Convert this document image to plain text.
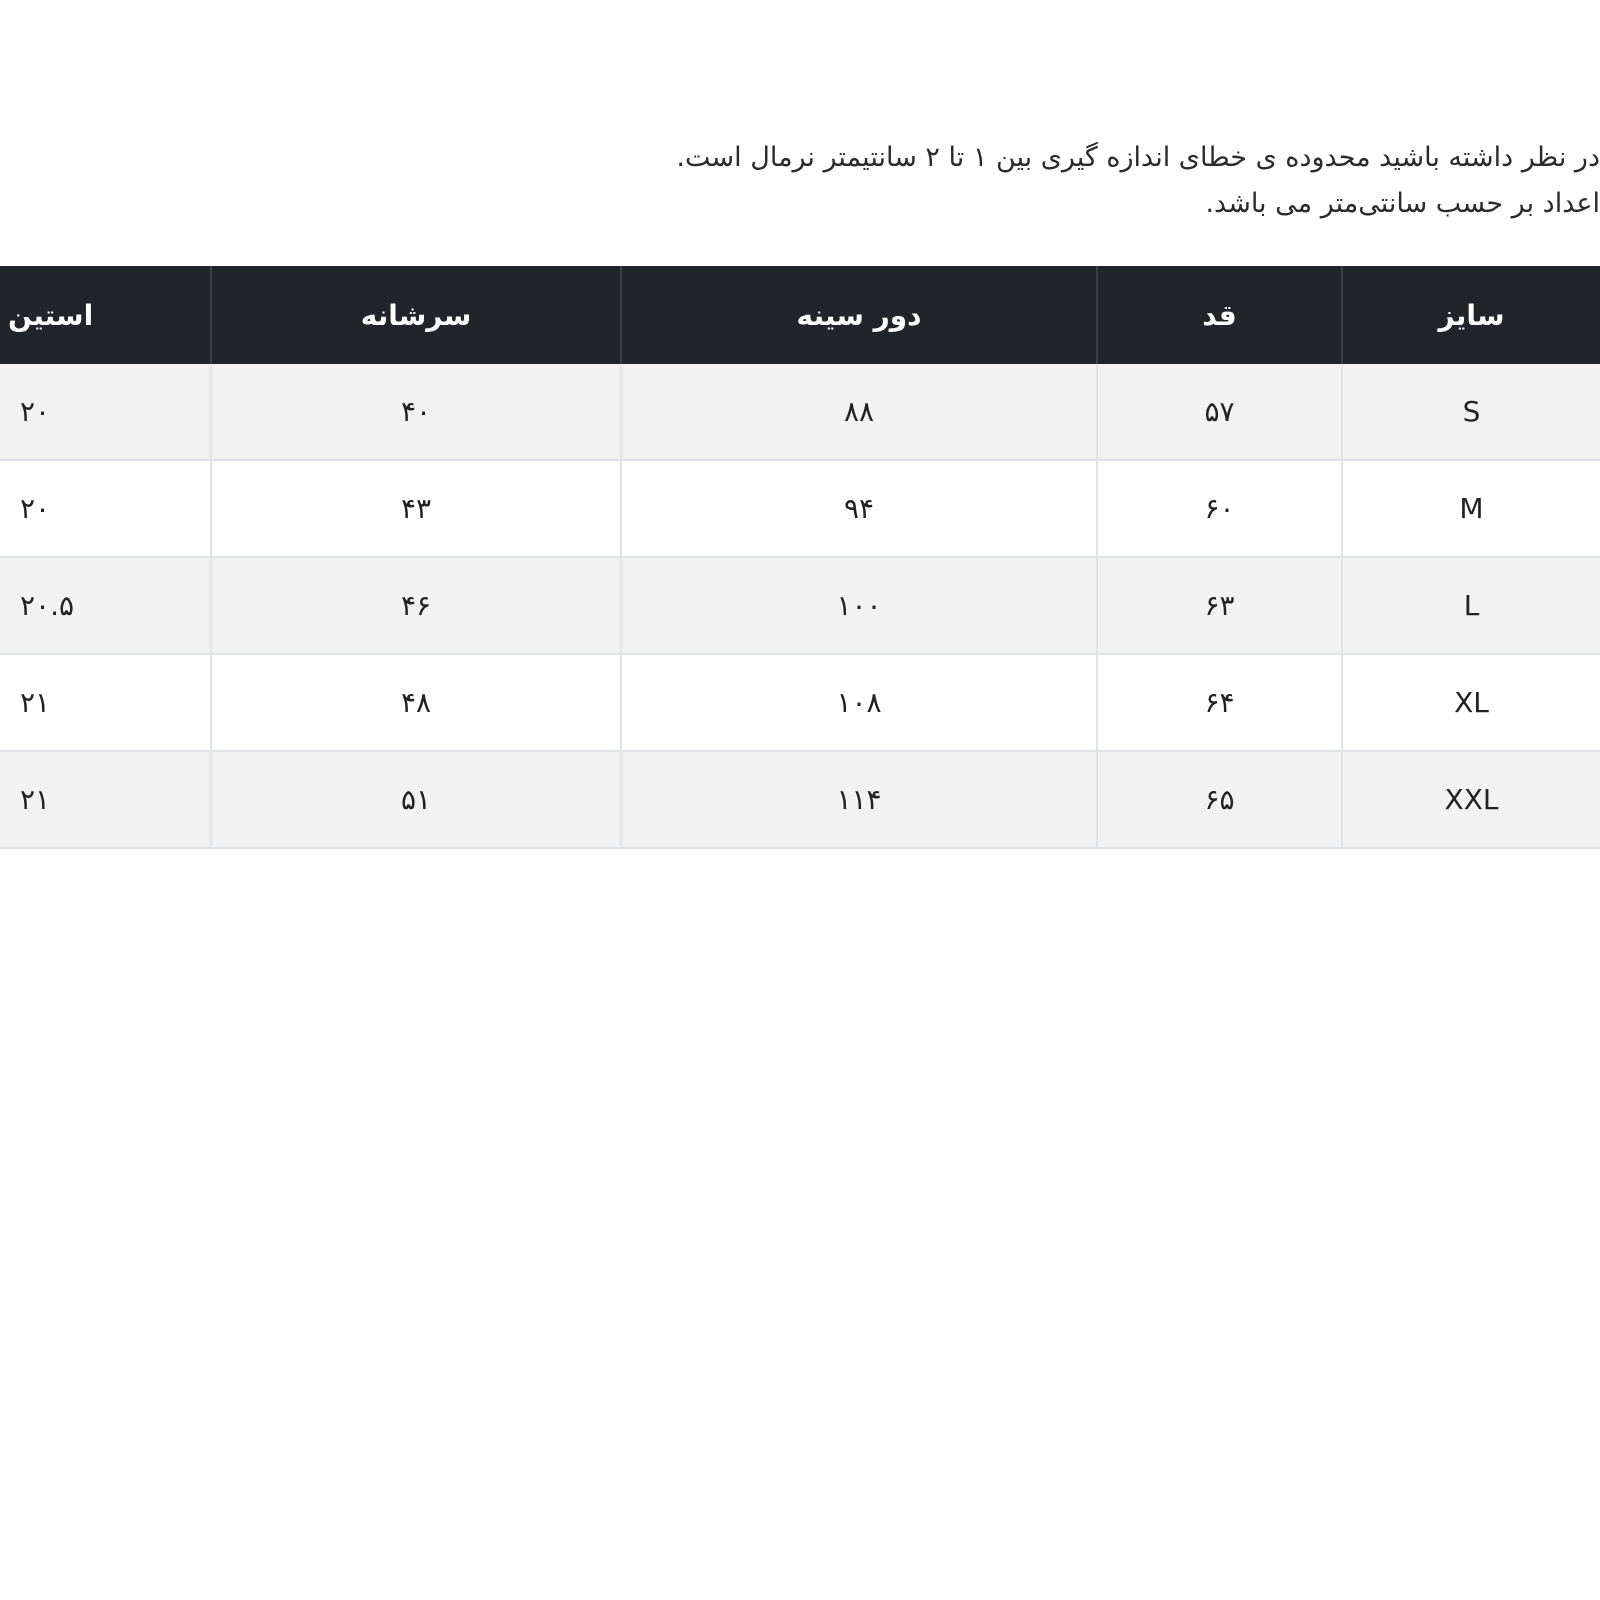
در نظر داشته باشید محدوده ی خطای اندازه گیری بین ۱ تا ۲ سانتیمتر نرمال است.
اعداد بر حسب سانتی‌متر می باشد.
سایز	قد	دور سینه	سرشانه	استین
S	۵۷	۸۸	۴۰	۲۰
M	۶۰	۹۴	۴۳	۲۰
L	۶۳	۱۰۰	۴۶	۲۰.۵
XL	۶۴	۱۰۸	۴۸	۲۱
XXL	۶۵	۱۱۴	۵۱	۲۱
